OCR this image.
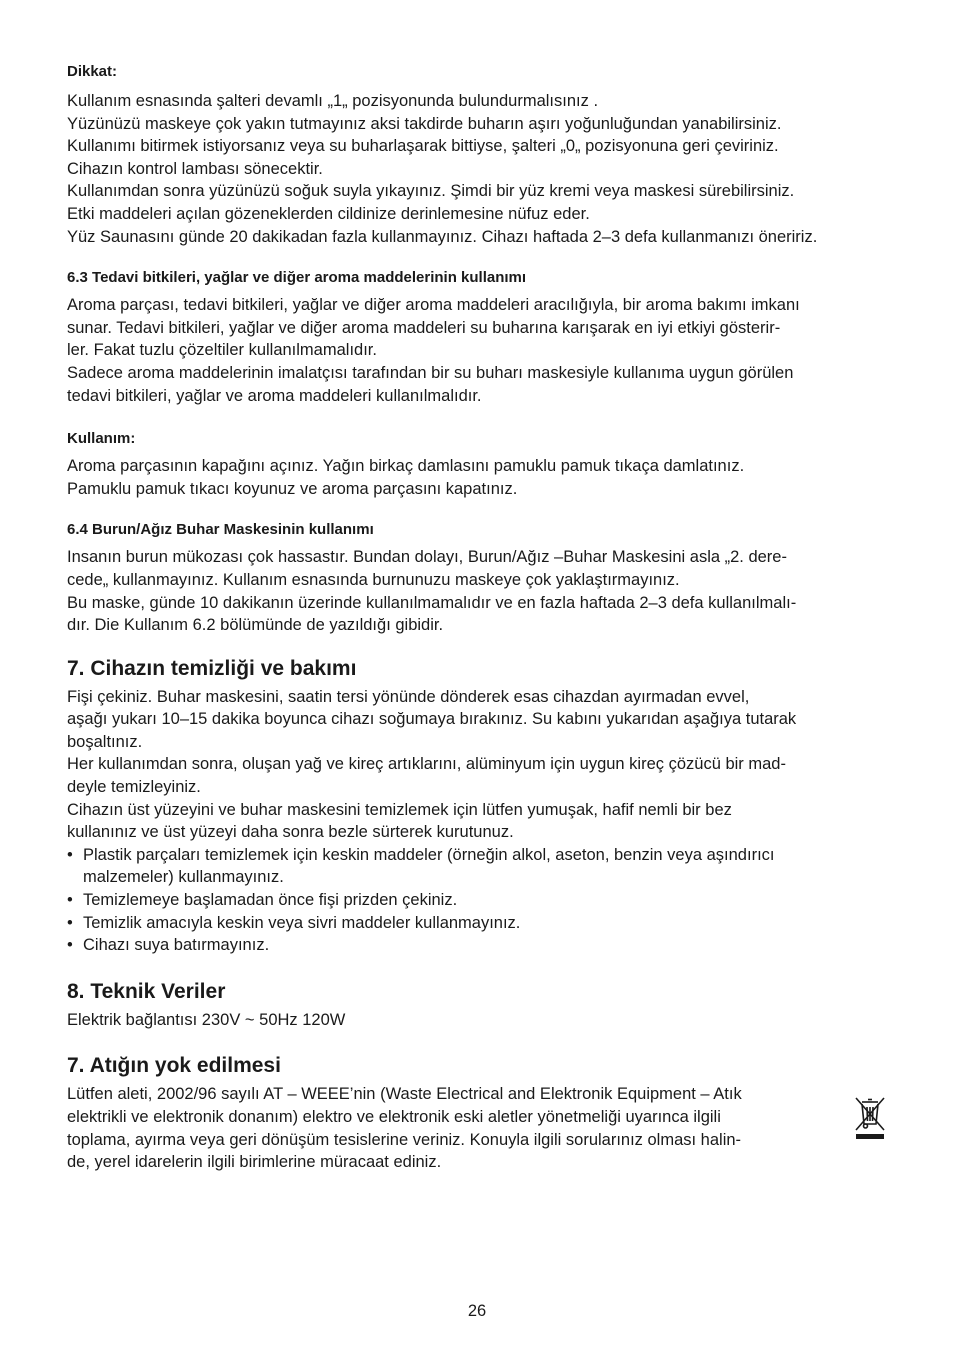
Dikkat:

Kullanım esnasında şalteri devamlı „1„ pozisyonunda bulundurmalısınız .

Yüzünüzü maskeye çok yakın tutmayınız aksi takdirde buharın aşırı yoğunluğundan yanabilirsiniz.

Kullanımı bitirmek istiyorsanız veya su buharlaşarak bittiyse, şalteri „0„ pozisyonuna geri çeviriniz.

Cihazın kontrol lambası sönecektir.

Kullanımdan sonra yüzünüzü soğuk suyla yıkayınız. Şimdi bir yüz kremi veya maskesi sürebilirsiniz.

Etki maddeleri açılan gözeneklerden cildinize derinlemesine nüfuz eder.

Yüz Saunasını günde 20 dakikadan fazla kullanmayınız. Cihazı haftada 2–3 defa kullanmanızı öneririz.

6.3 Tedavi bitkileri, yağlar ve diğer aroma maddelerinin kullanımı

Aroma parçası, tedavi bitkileri, yağlar ve diğer aroma maddeleri aracılığıyla, bir aroma bakımı imkanı

sunar. Tedavi bitkileri, yağlar ve diğer aroma maddeleri su buharına karışarak en iyi etkiyi gösterir-

ler. Fakat tuzlu çözeltiler kullanılmamalıdır.

Sadece aroma maddelerinin imalatçısı tarafından bir su buharı maskesiyle kullanıma uygun görülen

tedavi bitkileri, yağlar ve aroma maddeleri kullanılmalıdır.

Kullanım:

Aroma parçasının kapağını açınız. Yağın birkaç damlasını pamuklu pamuk tıkaça damlatınız.

Pamuklu pamuk tıkacı koyunuz ve aroma parçasını kapatınız.

6.4 Burun/Ağız Buhar Maskesinin kullanımı

Insanın burun mükozası çok hassastır. Bundan dolayı, Burun/Ağız –Buhar Maskesini asla „2. dere-

cede„ kullanmayınız. Kullanım esnasında burnunuzu maskeye çok yaklaştırmayınız.

Bu maske, günde 10 dakikanın üzerinde kullanılmamalıdır ve en fazla haftada 2–3 defa kullanılmalı-

dır. Die Kullanım 6.2 bölümünde de yazıldığı gibidir.

7. Cihazın temizliği ve bakımı

Fişi çekiniz. Buhar maskesini, saatin tersi yönünde dönderek esas cihazdan ayırmadan evvel,

aşağı yukarı 10–15 dakika boyunca cihazı soğumaya bırakınız. Su kabını yukarıdan aşağıya tutarak

boşaltınız.

Her kullanımdan sonra, oluşan yağ ve kireç artıklarını, alüminyum için uygun kireç çözücü bir mad-

deyle temizleyiniz.

Cihazın üst yüzeyini ve buhar maskesini temizlemek için lütfen yumuşak, hafif nemli bir bez

kullanınız ve üst yüzeyi daha sonra bezle sürterek kurutunuz.

• Plastik parçaları temizlemek için keskin maddeler (örneğin alkol, aseton, benzin veya aşındırıcı
malzemeler) kullanmayınız.
• Temizlemeye başlamadan önce fişi prizden çekiniz.
• Temizlik amacıyla keskin veya sivri maddeler kullanmayınız.
• Cihazı suya batırmayınız.

8. Teknik Veriler

Elektrik bağlantısı 230V ~ 50Hz 120W

7. Atığın yok edilmesi

Lütfen aleti, 2002/96 sayılı AT – WEEE’nin (Waste Electrical and Elektronik Equipment – Atık

elektrikli ve elektronik donanım) elektro ve elektronik eski aletler yönetmeliği uyarınca ilgili

toplama, ayırma veya geri dönüşüm tesislerine veriniz. Konuyla ilgili sorularınız olması halin-

de, yerel idarelerin ilgili birimlerine müracaat ediniz.

26
